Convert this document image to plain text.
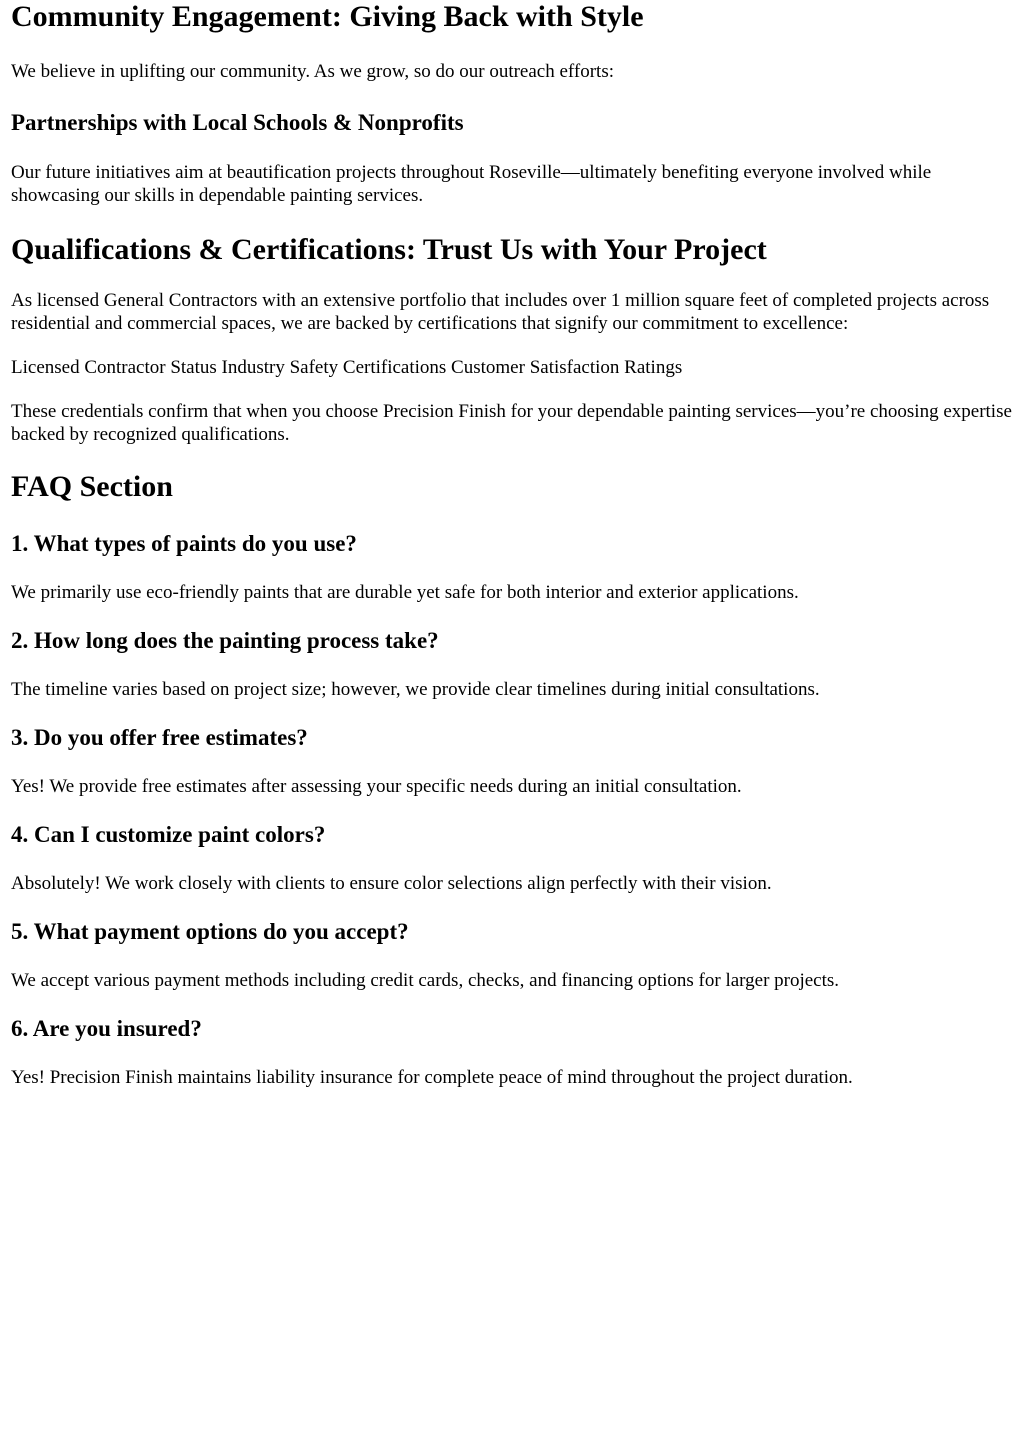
Community Engagement: Giving Back with Style

We believe in uplifting our community. As we grow, so do our outreach efforts:

Partnerships with Local Schools & Nonprofits

Our future initiatives aim at beautification projects throughout Roseville—ultimately benefiting everyone involved while showcasing our skills in dependable painting services.

Qualifications & Certifications: Trust Us with Your Project

As licensed General Contractors with an extensive portfolio that includes over 1 million square feet of completed projects across residential and commercial spaces, we are backed by certifications that signify our commitment to excellence:

Licensed Contractor Status Industry Safety Certifications Customer Satisfaction Ratings

These credentials confirm that when you choose Precision Finish for your dependable painting services—you’re choosing expertise backed by recognized qualifications.

FAQ Section
1. What types of paints do you use?

We primarily use eco-friendly paints that are durable yet safe for both interior and exterior applications.

2. How long does the painting process take?

The timeline varies based on project size; however, we provide clear timelines during initial consultations.

3. Do you offer free estimates?

Yes! We provide free estimates after assessing your specific needs during an initial consultation.

4. Can I customize paint colors?

Absolutely! We work closely with clients to ensure color selections align perfectly with their vision.

5. What payment options do you accept?

We accept various payment methods including credit cards, checks, and financing options for larger projects.

6. Are you insured?

Yes! Precision Finish maintains liability insurance for complete peace of mind throughout the project duration.
